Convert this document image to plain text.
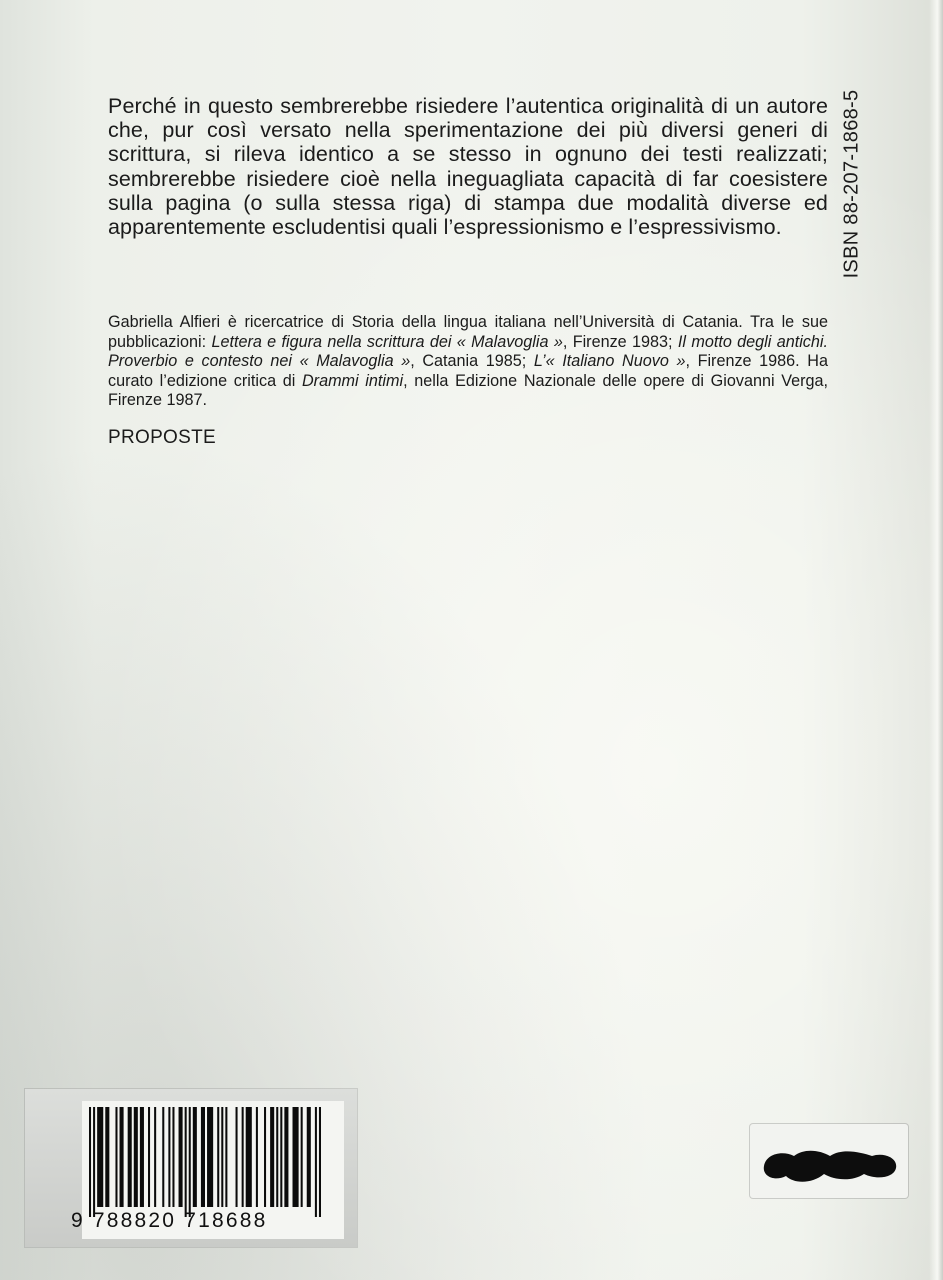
Perché in questo sembrerebbe risiedere l’autentica originalità di un autore che, pur così versato nella sperimentazione dei più diversi generi di scrittura, si rileva identico a se stesso in ognuno dei testi realizzati; sembrerebbe risiedere cioè nella ineguagliata capacità di far coesistere sulla pagina (o sulla stessa riga) di stampa due modalità diverse ed apparentemente escludentisi quali l’espressionismo e l’espressivismo.	ISBN 88-207-1868-5

Gabriella Alfieri è ricercatrice di Storia della lingua italiana nell’Università di Catania. Tra le sue pubblicazioni: Lettera e figura nella scrittura dei « Malavoglia », Firenze 1983; Il motto degli antichi. Proverbio e contesto nei « Malavoglia », Catania 1985; L’« Italiano Nuovo », Firenze 1986. Ha curato l’edizione critica di Drammi intimi, nella Edizione Nazionale delle opere di Giovanni Verga, Firenze 1987.

PROPOSTE
9 788820 718688
